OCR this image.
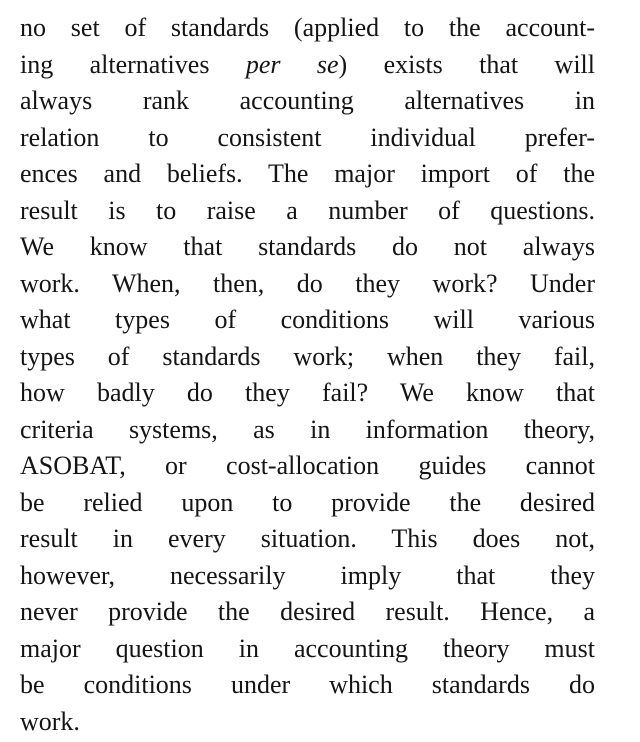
no set of standards (applied to the account-
ing alternatives per se) exists that will
always rank accounting alternatives in
relation to consistent individual prefer-
ences and beliefs. The major import of the
result is to raise a number of questions.
We know that standards do not always
work. When, then, do they work? Under
what types of conditions will various
types of standards work; when they fail,
how badly do they fail? We know that
criteria systems, as in information theory,
ASOBAT, or cost-allocation guides cannot
be relied upon to provide the desired
result in every situation. This does not,
however, necessarily imply that they
never provide the desired result. Hence, a
major question in accounting theory must
be conditions under which standards do
work.
